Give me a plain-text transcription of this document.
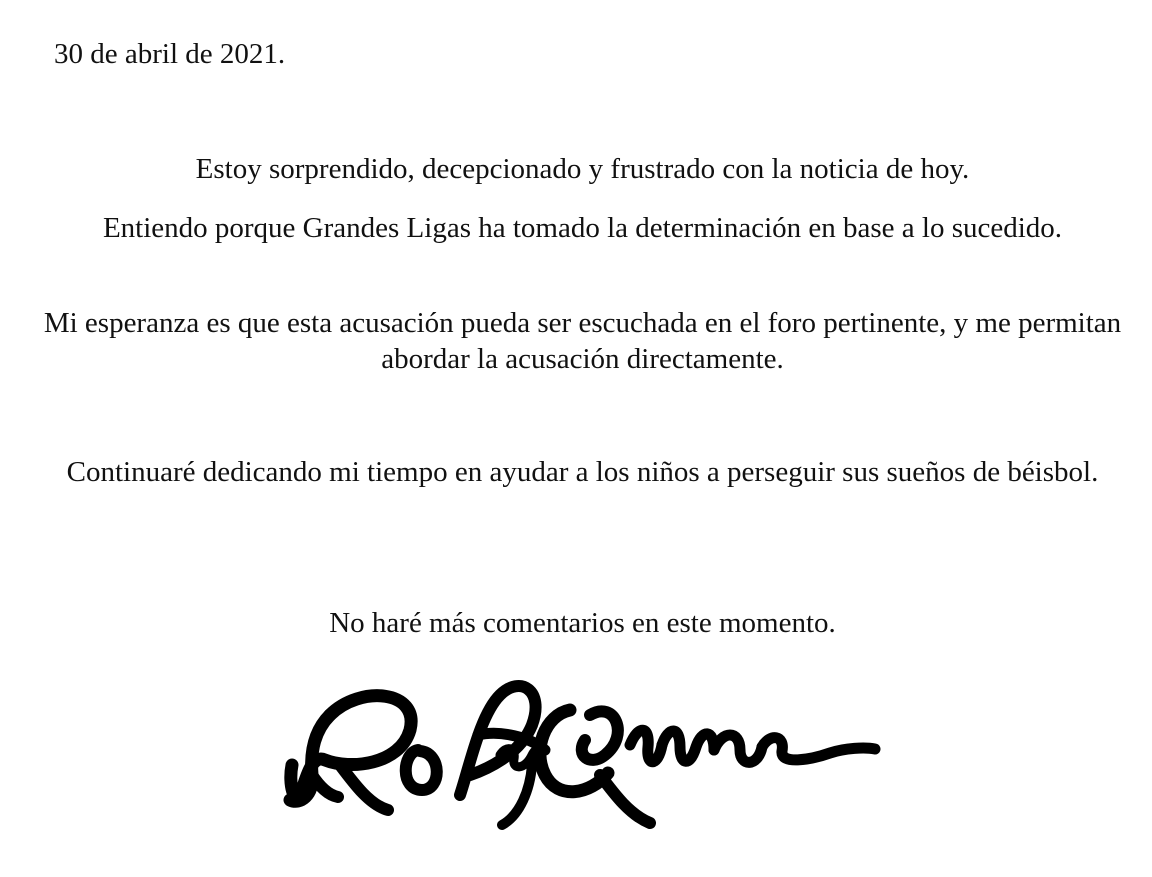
30 de abril de 2021.

Estoy sorprendido, decepcionado y frustrado con la noticia de hoy.

Entiendo porque Grandes Ligas ha tomado la determinación en base a lo sucedido.

Mi esperanza es que esta acusación pueda ser escuchada en el foro pertinente, y me permitan abordar la acusación directamente.

Continuaré dedicando mi tiempo en ayudar a los niños a perseguir sus sueños de béisbol.

No haré más comentarios en este momento.
